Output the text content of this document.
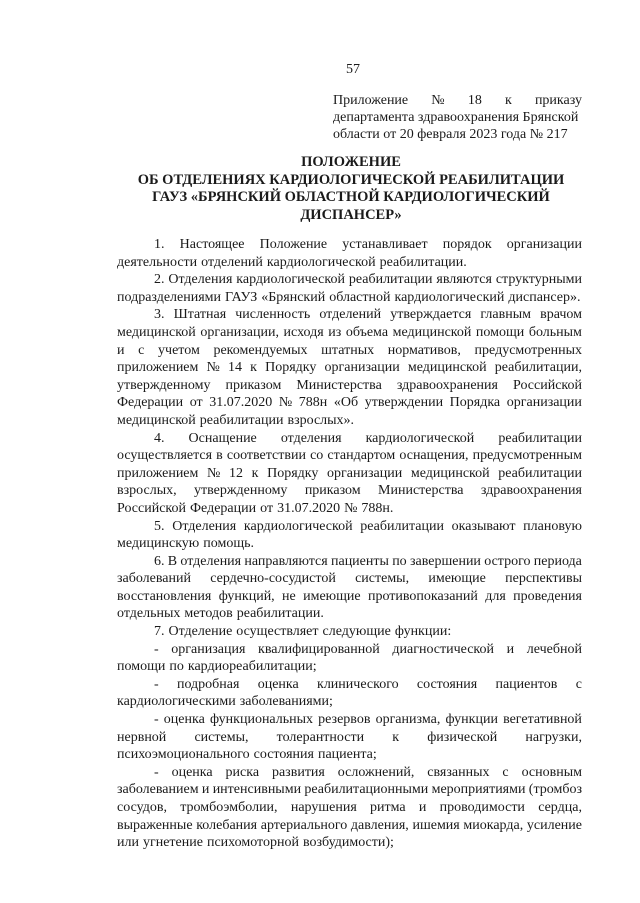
57
Приложение № 18 к приказу
департамента здравоохранения Брянской
области от 20 февраля 2023 года № 217
ПОЛОЖЕНИЕ
ОБ ОТДЕЛЕНИЯХ КАРДИОЛОГИЧЕСКОЙ РЕАБИЛИТАЦИИ
ГАУЗ «БРЯНСКИЙ ОБЛАСТНОЙ КАРДИОЛОГИЧЕСКИЙ
ДИСПАНСЕР»
1. Настоящее Положение устанавливает порядок организации
деятельности отделений кардиологической реабилитации.
2. Отделения кардиологической реабилитации являются структурными
подразделениями ГАУЗ «Брянский областной кардиологический диспансер».
3. Штатная численность отделений утверждается главным врачом
медицинской организации, исходя из объема медицинской помощи больным
и с учетом рекомендуемых штатных нормативов, предусмотренных
приложением № 14 к Порядку организации медицинской реабилитации,
утвержденному приказом Министерства здравоохранения Российской
Федерации от 31.07.2020 № 788н «Об утверждении Порядка организации
медицинской реабилитации взрослых».
4. Оснащение отделения кардиологической реабилитации
осуществляется в соответствии со стандартом оснащения, предусмотренным
приложением № 12 к Порядку организации медицинской реабилитации
взрослых, утвержденному приказом Министерства здравоохранения
Российской Федерации от 31.07.2020 № 788н.
5. Отделения кардиологической реабилитации оказывают плановую
медицинскую помощь.
6. В отделения направляются пациенты по завершении острого периода
заболеваний сердечно-сосудистой системы, имеющие перспективы
восстановления функций, не имеющие противопоказаний для проведения
отдельных методов реабилитации.
7. Отделение осуществляет следующие функции:
- организация квалифицированной диагностической и лечебной
помощи по кардиореабилитации;
- подробная оценка клинического состояния пациентов с
кардиологическими заболеваниями;
- оценка функциональных резервов организма, функции вегетативной
нервной системы, толерантности к физической нагрузки,
психоэмоционального состояния пациента;
- оценка риска развития осложнений, связанных с основным
заболеванием и интенсивными реабилитационными мероприятиями (тромбоз
сосудов, тромбоэмболии, нарушения ритма и проводимости сердца,
выраженные колебания артериального давления, ишемия миокарда, усиление
или угнетение психомоторной возбудимости);
